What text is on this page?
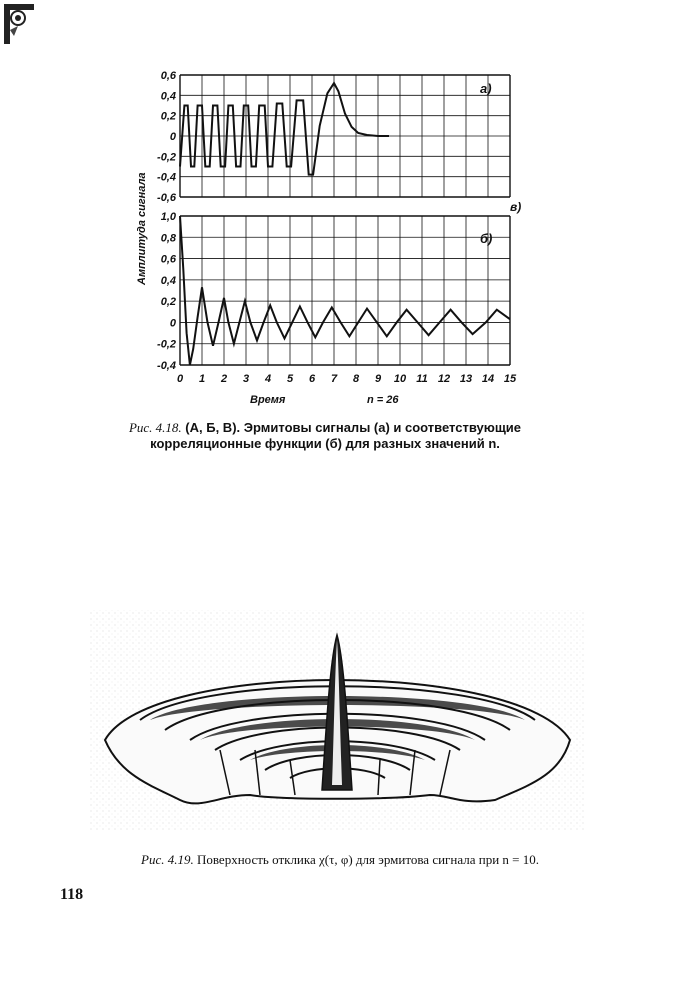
0,6
0,4
0,2
0
-0,2
-0,4
-0,6
1,0
0,8
0,6
0,4
0,2
0
-0,2
-0,4
0 1 2 3 4 5 6 7 8 9 10 11 12 13 14 15
а)
б)
в)
Амплитуда сигнала
Время	n = 26
Рис. 4.18. (А, Б, В). Эрмитовы сигналы (а) и соответствующие корреляционные функции (б) для разных значений n.
Рис. 4.19. Поверхность отклика χ(τ, φ) для эрмитова сигнала при n = 10.
118
